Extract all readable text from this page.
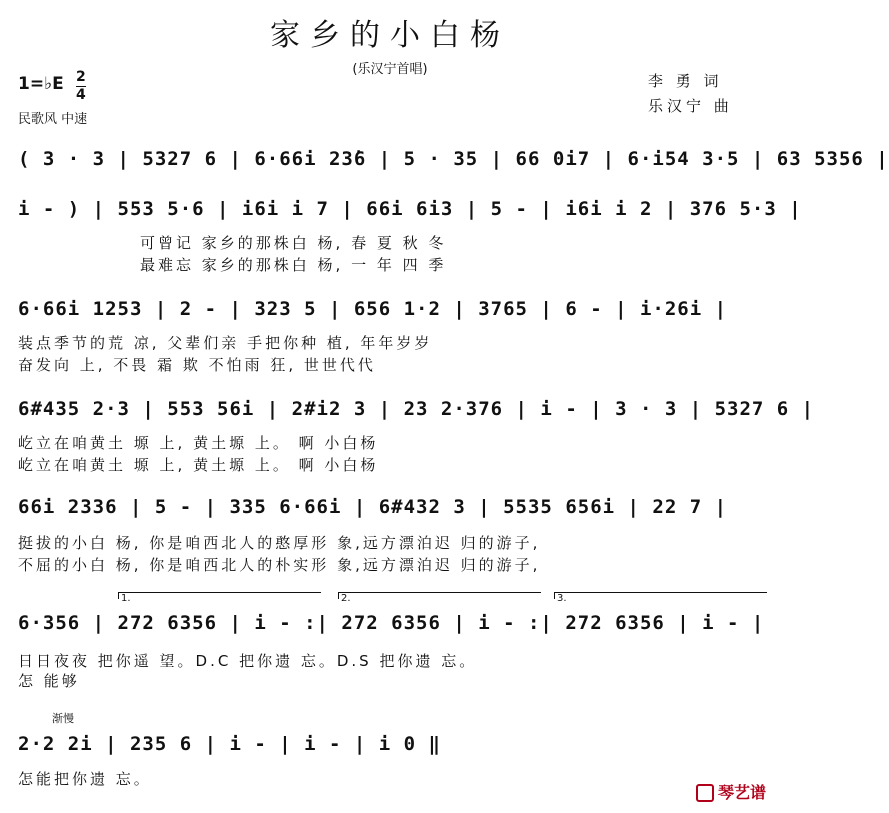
家乡的小白杨
(乐汉宁首唱)
1=♭E 2
4
民歌风 中速
李 勇 词
乐汉宁 曲
( 3 · 3 | 5327 6 | 6·66i 23̇6 | 5 · 35 | 66 0i7 | 6·i54 3·5 | 63 5356 |
i - ) | 553 5·6 | i6i i 7 | 66i 6i3 | 5 - | i6i i 2 | 376 5·3 |
可曾记 家乡的那株白 杨, 春 夏 秋 冬
最难忘 家乡的那株白 杨, 一 年 四 季
6·66i 1253 | 2 - | 323 5 | 656 1·2 | 3765 | 6 - | i·26i |
装点季节的荒 凉, 父辈们亲 手把你种 植, 年年岁岁
奋发向 上, 不畏 霜 欺 不怕雨 狂, 世世代代
6#435 2·3 | 553 56i | 2#i2 3 | 23 2·376 | i - | 3 · 3 | 5327 6 |
屹立在咱黄土 塬 上, 黄土塬 上。 啊 小白杨
屹立在咱黄土 塬 上, 黄土塬 上。 啊 小白杨
66i 2336 | 5 - | 335 6·66i | 6#432 3 | 5535 656i | 22 7 |
挺拔的小白 杨, 你是咱西北人的憨厚形 象,远方漂泊迟 归的游子,
不屈的小白 杨, 你是咱西北人的朴实形 象,远方漂泊迟 归的游子,
1.	2.	3.
6·356 | 272 6356 | i - :| 272 6356 | i - :| 272 6356 | i - |
日日夜夜 把你遥 望。D.C 把你遗 忘。D.S 把你遗 忘。
怎 能够
渐慢
2·2 2i | 235 6 | i - | i - | i 0 ‖
怎能把你遗 忘。
琴艺谱
